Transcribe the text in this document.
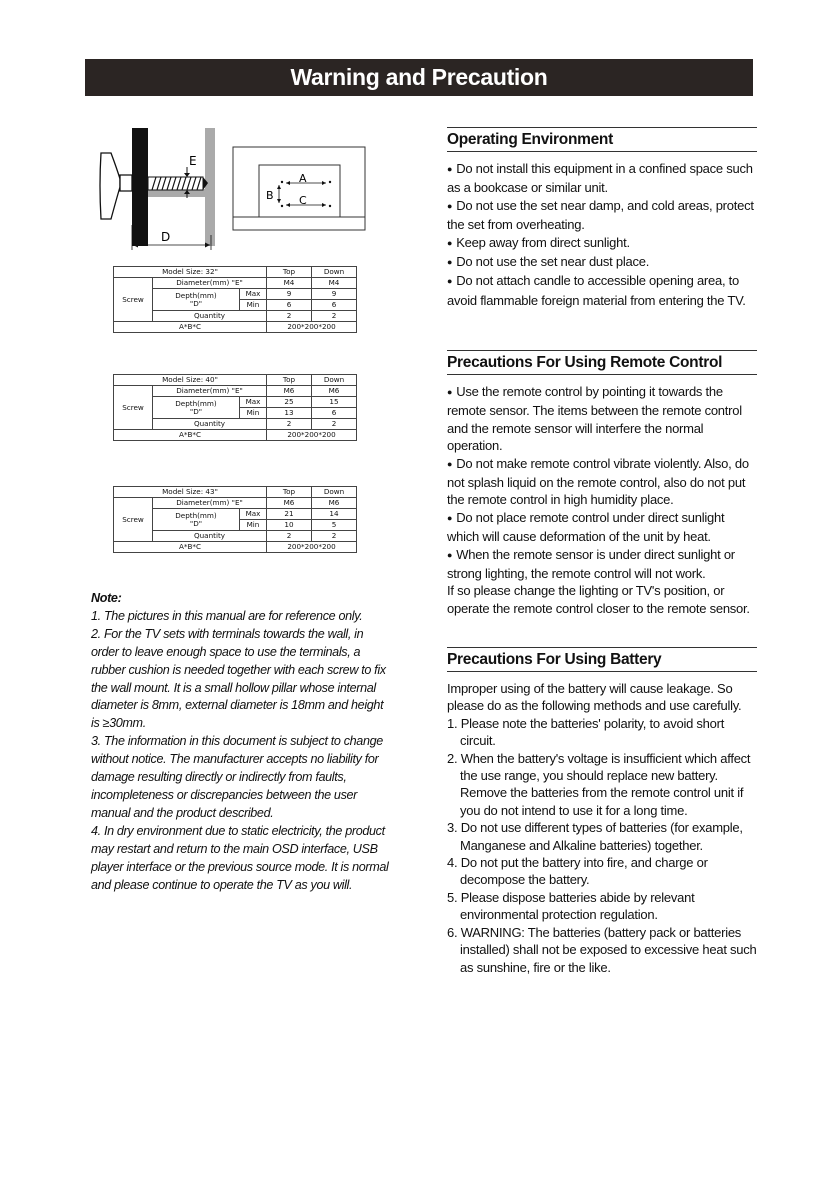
Warning and Precaution
E
D
A
B C
Model Size: 32"			Top	Down
Screw	Diameter(mm) "E"		M4	M4
	Depth(mm)
"D"	Max	9	9
		Min	6	6
	Quantity		2	2
A*B*C			200*200*200	
Model Size: 40"			Top	Down
Screw	Diameter(mm) "E"		M6	M6
	Depth(mm)
"D"	Max	25	15
		Min	13	6
	Quantity		2	2
A*B*C			200*200*200	
Model Size: 43"			Top	Down
Screw	Diameter(mm) "E"		M6	M6
	Depth(mm)
"D"	Max	21	14
		Min	10	5
	Quantity		2	2
A*B*C			200*200*200	

Note:

1. The pictures in this manual are for reference only.

2. For the TV sets with terminals towards the wall, in order to leave enough space to use the terminals, a rubber cushion is needed together with each screw to fix the wall mount. It is a small hollow pillar whose internal diameter is 8mm, external diameter is 18mm and height is ≥30mm.

3. The information in this document is subject to change without notice. The manufacturer accepts no liability for damage resulting directly or indirectly from faults, incompleteness or discrepancies between the user manual and the product described.

4. In dry environment due to static electricity, the product may restart and return to the main OSD interface, USB player interface or the previous source mode. It is normal and please continue to operate the TV as you will.

Operating Environment

● Do not install this equipment in a confined space such as a bookcase or similar unit.

● Do not use the set near damp, and cold areas, protect the set from overheating.

● Keep away from direct sunlight.

● Do not use the set near dust place.

● Do not attach candle to accessible opening area, to avoid flammable foreign material from entering the TV.

Precautions For Using Remote Control

● Use the remote control by pointing it towards the remote sensor. The items between the remote control and the remote sensor will interfere the normal operation.

● Do not make remote control vibrate violently. Also, do not splash liquid on the remote control, also do not put the remote control in high humidity place.

● Do not place remote control under direct sunlight which will cause deformation of the unit by heat.

● When the remote sensor is under direct sunlight or strong lighting, the remote control will not work.

If so please change the lighting or TV's position, or operate the remote control closer to the remote sensor.

Precautions For Using Battery

Improper using of the battery will cause leakage. So please do as the following methods and use carefully.

1. Please note the batteries' polarity, to avoid short circuit.

2. When the battery's voltage is insufficient which affect the use range, you should replace new battery. Remove the batteries from the remote control unit if you do not intend to use it for a long time.

3. Do not use different types of batteries (for example, Manganese and Alkaline batteries) together.

4. Do not put the battery into fire, and charge or decompose the battery.

5. Please dispose batteries abide by relevant environmental protection regulation.

6. WARNING: The batteries (battery pack or batteries installed) shall not be exposed to excessive heat such as sunshine, fire or the like.
